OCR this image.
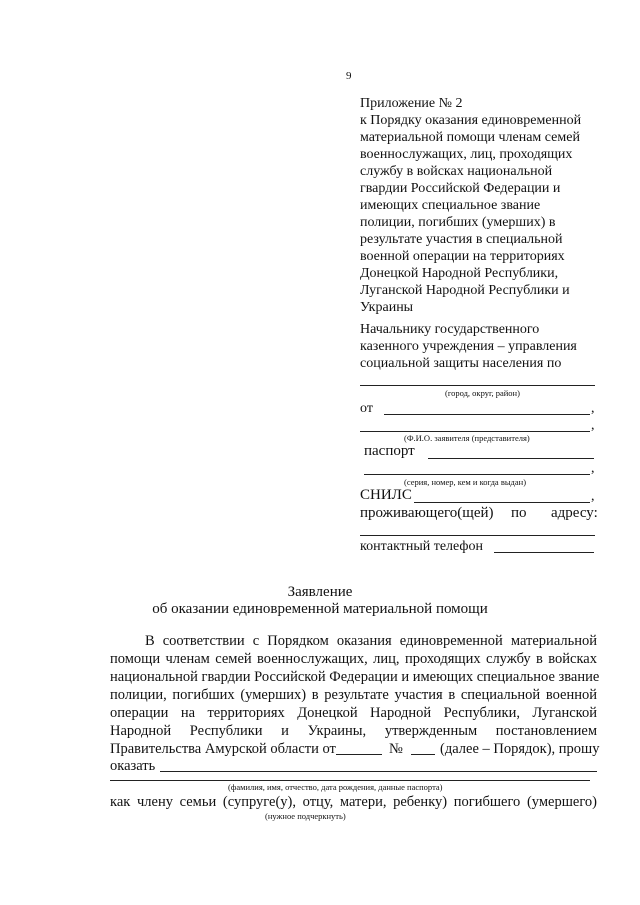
9
Приложение № 2
к Порядку оказания единовременной
материальной помощи членам семей
военнослужащих, лиц, проходящих
службу в войсках национальной
гвардии Российской Федерации и
имеющих специальное звание
полиции, погибших (умерших) в
результате участия в специальной
военной операции на территориях
Донецкой Народной Республики,
Луганской Народной Республики и
Украины
Начальнику государственного
казенного учреждения – управления
социальной защиты населения по
(город, округ, район)
от	,
,
(Ф.И.О. заявителя (представителя)
паспорт
,
(серия, номер, кем и когда выдан)
СНИЛС	,
проживающего(щей) по адресу:
контактный телефон
Заявление
об оказании единовременной материальной помощи
В соответствии с Порядком оказания единовременной материальной
помощи членам семей военнослужащих, лиц, проходящих службу в войсках
национальной гвардии Российской Федерации и имеющих специальное звание
полиции, погибших (умерших) в результате участия в специальной военной
операции на территориях Донецкой Народной Республики, Луганской
Народной Республики и Украины, утвержденным постановлением
Правительства Амурской области от	№	(далее – Порядок), прошу
оказать
(фамилия, имя, отчество, дата рождения, данные паспорта)
как члену семьи (супруге(у), отцу, матери, ребенку) погибшего (умершего)
(нужное подчеркнуть)
